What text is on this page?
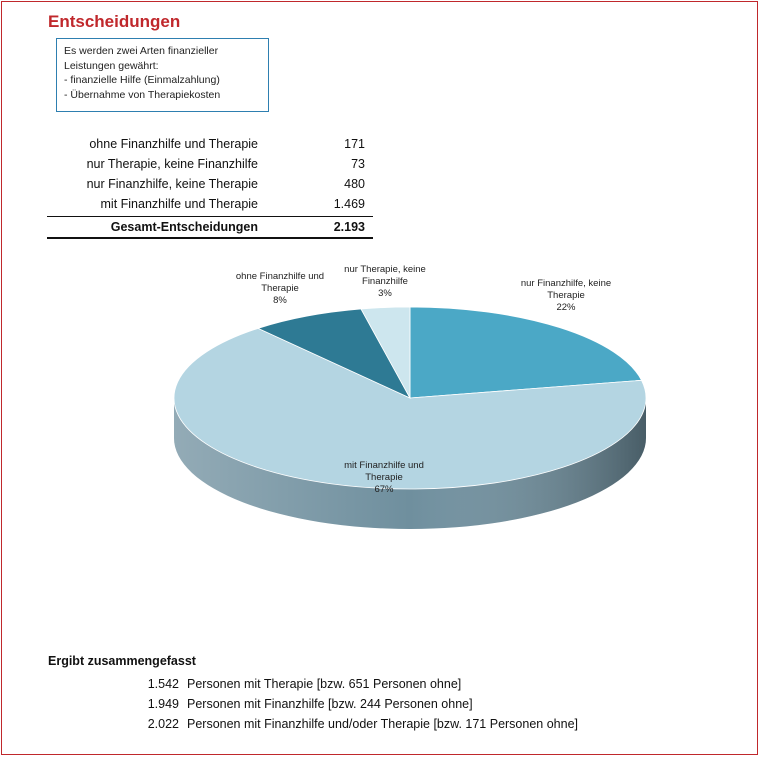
Entscheidungen
Es werden zwei Arten finanzieller
Leistungen gewährt:
- finanzielle Hilfe (Einmalzahlung)
- Übernahme von Therapiekosten
ohne Finanzhilfe und Therapie	171
nur Therapie, keine Finanzhilfe	73
nur Finanzhilfe, keine Therapie	480
mit Finanzhilfe und Therapie	1.469
Gesamt-Entscheidungen	2.193
nur Finanzhilfe, keine Therapie 22%
mit Finanzhilfe und Therapie 67%
ohne Finanzhilfe und Therapie 8%
nur Therapie, keine Finanzhilfe 3%
Ergibt zusammengefasst
1.542 Personen mit Therapie [bzw. 651 Personen ohne]
1.949 Personen mit Finanzhilfe [bzw. 244 Personen ohne]
2.022 Personen mit Finanzhilfe und/oder Therapie [bzw. 171 Personen ohne]
